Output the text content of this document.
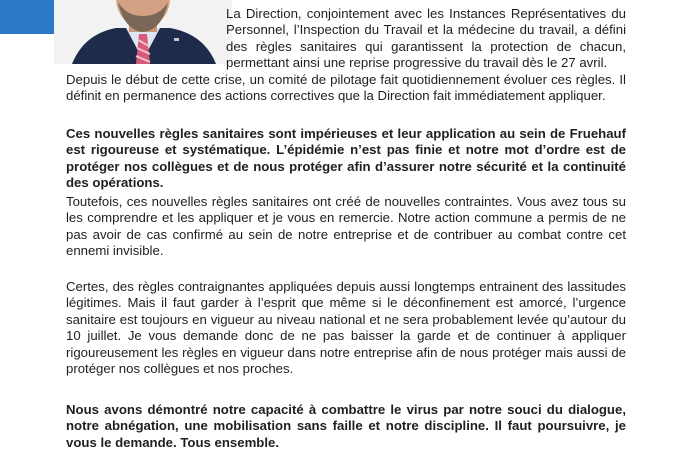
La Direction, conjointement avec les Instances Représentatives du Personnel, l’Inspection du Travail et la médecine du travail, a défini des règles sanitaires qui garantissent la protection de chacun, permettant ainsi une reprise progressive du travail dès le 27 avril.

Depuis le début de cette crise, un comité de pilotage fait quotidiennement évoluer ces règles. Il définit en permanence des actions correctives que la Direction fait immédiatement appliquer.

Ces nouvelles règles sanitaires sont impérieuses et leur application au sein de Fruehauf est rigoureuse et systématique. L’épidémie n’est pas finie et notre mot d’ordre est de protéger nos collègues et de nous protéger afin d’assurer notre sécurité et la continuité des opérations.

Toutefois, ces nouvelles règles sanitaires ont créé de nouvelles contraintes. Vous avez tous su les comprendre et les appliquer et je vous en remercie. Notre action commune a permis de ne pas avoir de cas confirmé au sein de notre entreprise et de contribuer au combat contre cet ennemi invisible.

Certes, des règles contraignantes appliquées depuis aussi longtemps entrainent des lassitudes légitimes. Mais il faut garder à l’esprit que même si le déconfinement est amorcé, l’urgence sanitaire est toujours en vigueur au niveau national et ne sera probablement levée qu’autour du 10 juillet. Je vous demande donc de ne pas baisser la garde et de continuer à appliquer rigoureusement les règles en vigueur dans notre entreprise afin de nous protéger mais aussi de protéger nos collègues et nos proches.

Nous avons démontré notre capacité à combattre le virus par notre souci du dialogue, notre abnégation, une mobilisation sans faille et notre discipline. Il faut poursuivre, je vous le demande. Tous ensemble.
